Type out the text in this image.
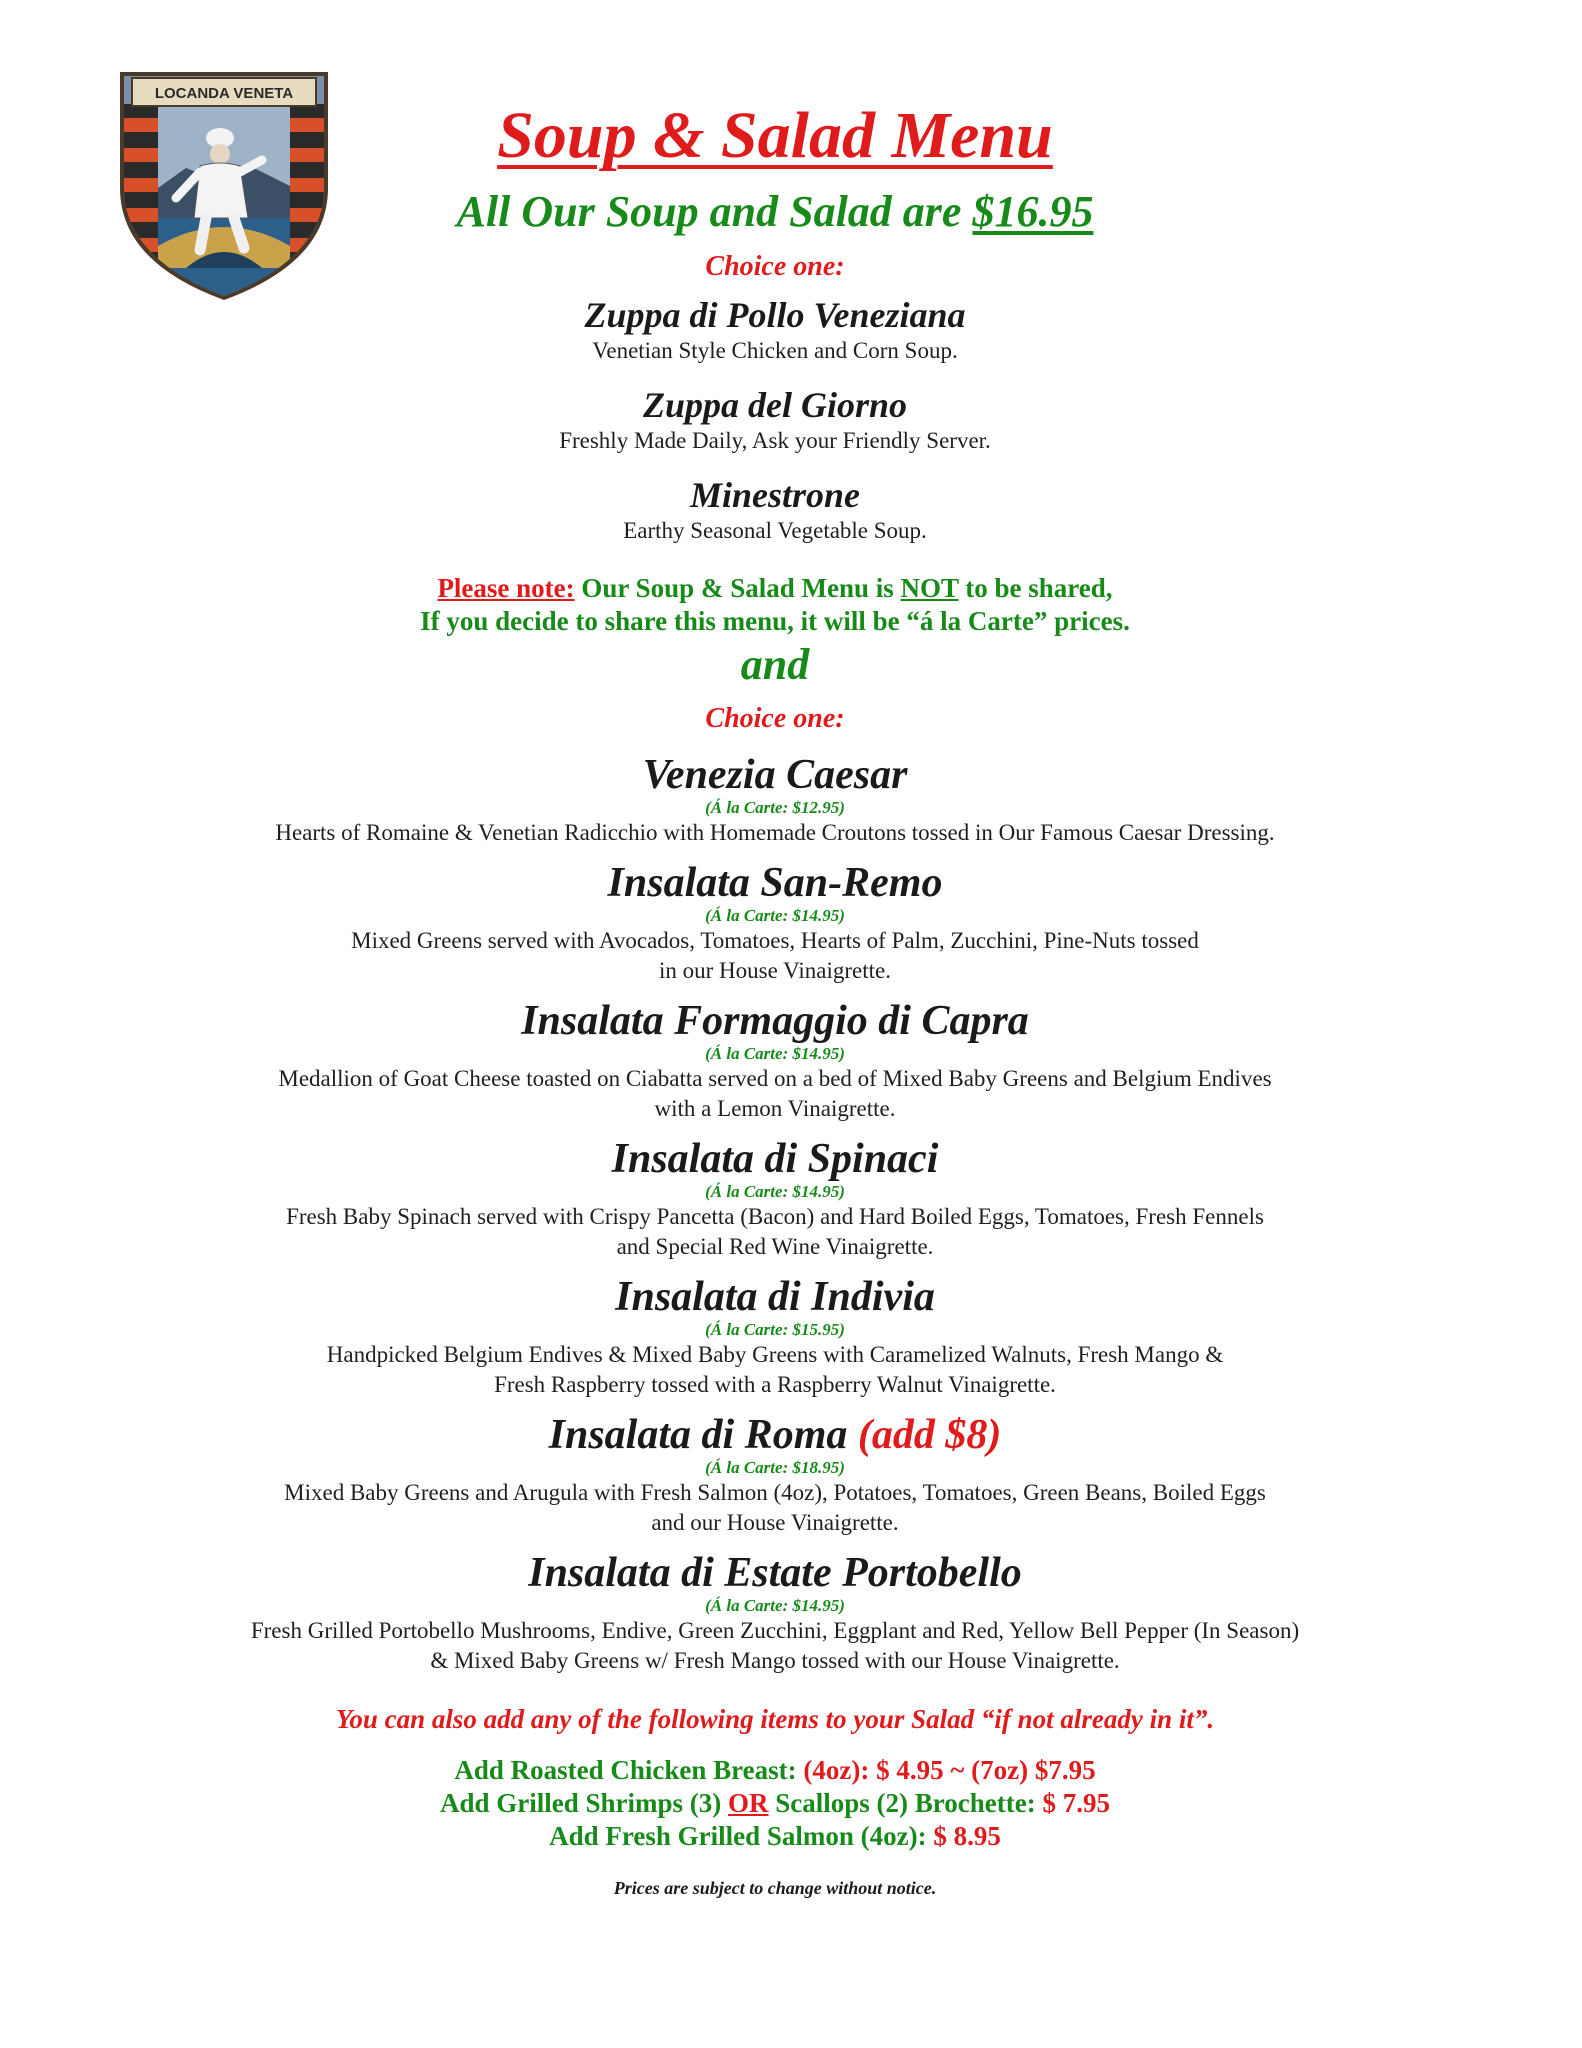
LOCANDA VENETA
Soup & Salad Menu

All Our Soup and Salad are $16.95

Choice one:

Zuppa di Pollo Veneziana

Venetian Style Chicken and Corn Soup.

Zuppa del Giorno

Freshly Made Daily, Ask your Friendly Server.

Minestrone

Earthy Seasonal Vegetable Soup.

Please note: Our Soup & Salad Menu is NOT to be shared,
If you decide to share this menu, it will be “á la Carte” prices.

and

Choice one:

Venezia Caesar

(Á la Carte: $12.95)

Hearts of Romaine & Venetian Radicchio with Homemade Croutons tossed in Our Famous Caesar Dressing.

Insalata San-Remo

(Á la Carte: $14.95)

Mixed Greens served with Avocados, Tomatoes, Hearts of Palm, Zucchini, Pine-Nuts tossed

in our House Vinaigrette.

Insalata Formaggio di Capra

(Á la Carte: $14.95)

Medallion of Goat Cheese toasted on Ciabatta served on a bed of Mixed Baby Greens and Belgium Endives

with a Lemon Vinaigrette.

Insalata di Spinaci

(Á la Carte: $14.95)

Fresh Baby Spinach served with Crispy Pancetta (Bacon) and Hard Boiled Eggs, Tomatoes, Fresh Fennels

and Special Red Wine Vinaigrette.

Insalata di Indivia

(Á la Carte: $15.95)

Handpicked Belgium Endives & Mixed Baby Greens with Caramelized Walnuts, Fresh Mango &

Fresh Raspberry tossed with a Raspberry Walnut Vinaigrette.

Insalata di Roma (add $8)

(Á la Carte: $18.95)

Mixed Baby Greens and Arugula with Fresh Salmon (4oz), Potatoes, Tomatoes, Green Beans, Boiled Eggs

and our House Vinaigrette.

Insalata di Estate Portobello

(Á la Carte: $14.95)

Fresh Grilled Portobello Mushrooms, Endive, Green Zucchini, Eggplant and Red, Yellow Bell Pepper (In Season)

& Mixed Baby Greens w/ Fresh Mango tossed with our House Vinaigrette.

You can also add any of the following items to your Salad “if not already in it”.

Add Roasted Chicken Breast: (4oz): $ 4.95 ~ (7oz) $7.95

Add Grilled Shrimps (3) OR Scallops (2) Brochette: $ 7.95

Add Fresh Grilled Salmon (4oz): $ 8.95

Prices are subject to change without notice.
